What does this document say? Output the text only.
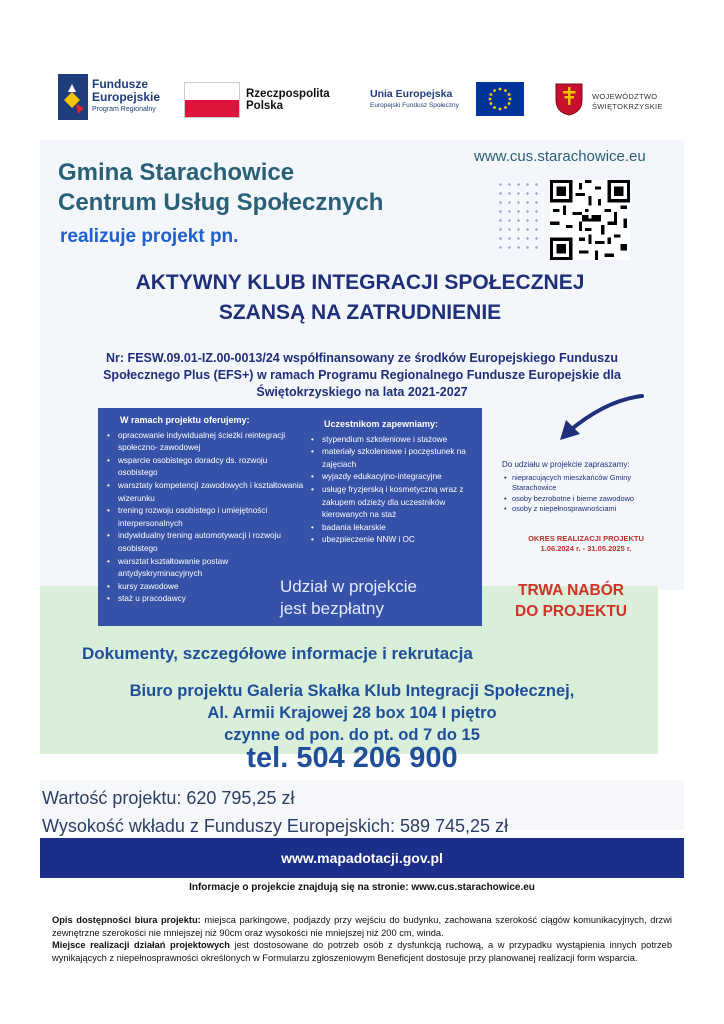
Fundusze
Europejskie
Program Regionalny
Rzeczpospolita
Polska
Unia Europejska
Europejski Fundusz Społeczny
WOJEWÓDZTWO
ŚWIĘTOKRZYSKIE
Gmina Starachowice
Centrum Usług Społecznych
realizuje projekt pn.
www.cus.starachowice.eu
AKTYWNY KLUB INTEGRACJI SPOŁECZNEJ
SZANSĄ NA ZATRUDNIENIE
Nr: FESW.09.01-IZ.00-0013/24 współfinansowany ze środków Europejskiego Funduszu
Społecznego Plus (EFS+) w ramach Programu Regionalnego Fundusze Europejskie dla
Świętokrzyskiego na lata 2021-2027
W ramach projektu oferujemy:
• opracowanie indywidualnej ścieżki reintegracji społeczno- zawodowej
• wsparcie osobistego doradcy ds. rozwoju osobistego
• warsztaty kompetencji zawodowych i kształtowania wizerunku
• trening rozwoju osobistego i umiejętności interpersonalnych
• indywidualny trening automotywacji i rozwoju osobistego
• warsztat kształtowanie postaw antydyskryminacyjnych
• kursy zawodowe
• staż u pracodawcy
Uczestnikom zapewniamy:
• stypendium szkoleniowe i stażowe
• materiały szkoleniowe i poczęstunek na zajęciach
• wyjazdy edukacyjno-integracyjne
• usługę fryzjerską i kosmetyczną wraz z zakupem odzieży dla uczestników kierowanych na staż
• badania lekarskie
• ubezpieczenie NNW i OC
Udział w projekcie
jest bezpłatny
Do udziału w projekcie zapraszamy:
• niepracujących mieszkańców Gminy Starachowice
• osoby bezrobotne i bierne zawodowo
• osoby z niepełnosprawnościami
OKRES REALIZACJI PROJEKTU
1.06.2024 r. - 31.05.2025 r.
TRWA NABÓR
DO PROJEKTU
Dokumenty, szczegółowe informacje i rekrutacja
Biuro projektu Galeria Skałka Klub Integracji Społecznej,
Al. Armii Krajowej 28 box 104 I piętro
czynne od pon. do pt. od 7 do 15
tel. 504 206 900
Wartość projektu: 620 795,25 zł
Wysokość wkładu z Funduszy Europejskich: 589 745,25 zł
www.mapadotacji.gov.pl
Informacje o projekcie znajdują się na stronie: www.cus.starachowice.eu
Opis dostępności biura projektu: miejsca parkingowe, podjazdy przy wejściu do budynku, zachowana szerokość ciągów komunikacyjnych, drzwi zewnętrzne szerokości nie mniejszej niż 90cm oraz wysokości nie mniejszej niż 200 cm, winda.
Miejsce realizacji działań projektowych jest dostosowane do potrzeb osób z dysfunkcją ruchową, a w przypadku wystąpienia innych potrzeb wynikających z niepełnosprawności określonych w Formularzu zgłoszeniowym Beneficjent dostosuje przy planowanej realizacji form wsparcia.
